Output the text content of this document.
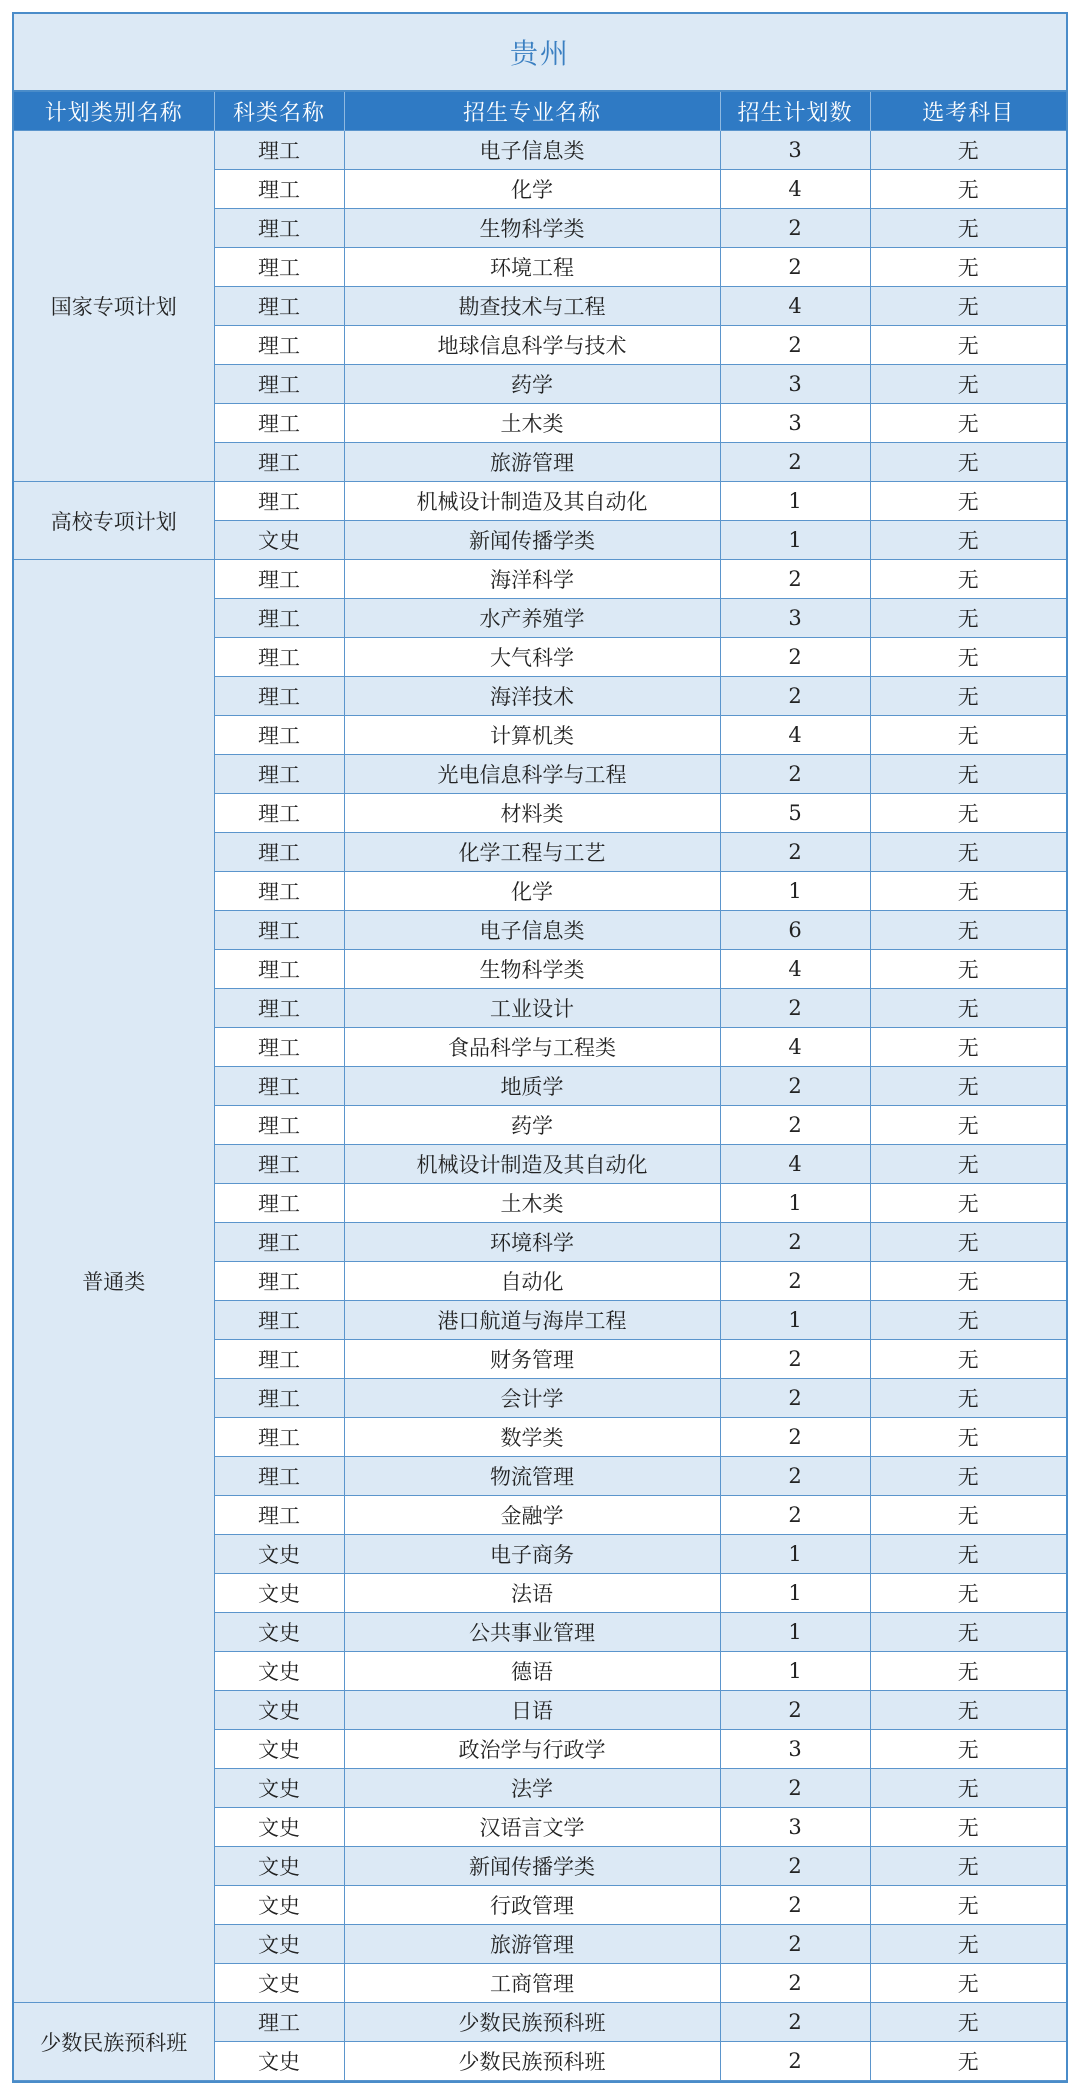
贵州
计划类别名称	科类名称	招生专业名称	招生计划数	选考科目
国家专项计划	理工	电子信息类	3	无
	理工	化学	4	无
	理工	生物科学类	2	无
	理工	环境工程	2	无
	理工	勘查技术与工程	4	无
	理工	地球信息科学与技术	2	无
	理工	药学	3	无
	理工	土木类	3	无
	理工	旅游管理	2	无
高校专项计划	理工	机械设计制造及其自动化	1	无
	文史	新闻传播学类	1	无
普通类	理工	海洋科学	2	无
	理工	水产养殖学	3	无
	理工	大气科学	2	无
	理工	海洋技术	2	无
	理工	计算机类	4	无
	理工	光电信息科学与工程	2	无
	理工	材料类	5	无
	理工	化学工程与工艺	2	无
	理工	化学	1	无
	理工	电子信息类	6	无
	理工	生物科学类	4	无
	理工	工业设计	2	无
	理工	食品科学与工程类	4	无
	理工	地质学	2	无
	理工	药学	2	无
	理工	机械设计制造及其自动化	4	无
	理工	土木类	1	无
	理工	环境科学	2	无
	理工	自动化	2	无
	理工	港口航道与海岸工程	1	无
	理工	财务管理	2	无
	理工	会计学	2	无
	理工	数学类	2	无
	理工	物流管理	2	无
	理工	金融学	2	无
	文史	电子商务	1	无
	文史	法语	1	无
	文史	公共事业管理	1	无
	文史	德语	1	无
	文史	日语	2	无
	文史	政治学与行政学	3	无
	文史	法学	2	无
	文史	汉语言文学	3	无
	文史	新闻传播学类	2	无
	文史	行政管理	2	无
	文史	旅游管理	2	无
	文史	工商管理	2	无
少数民族预科班	理工	少数民族预科班	2	无
	文史	少数民族预科班	2	无
